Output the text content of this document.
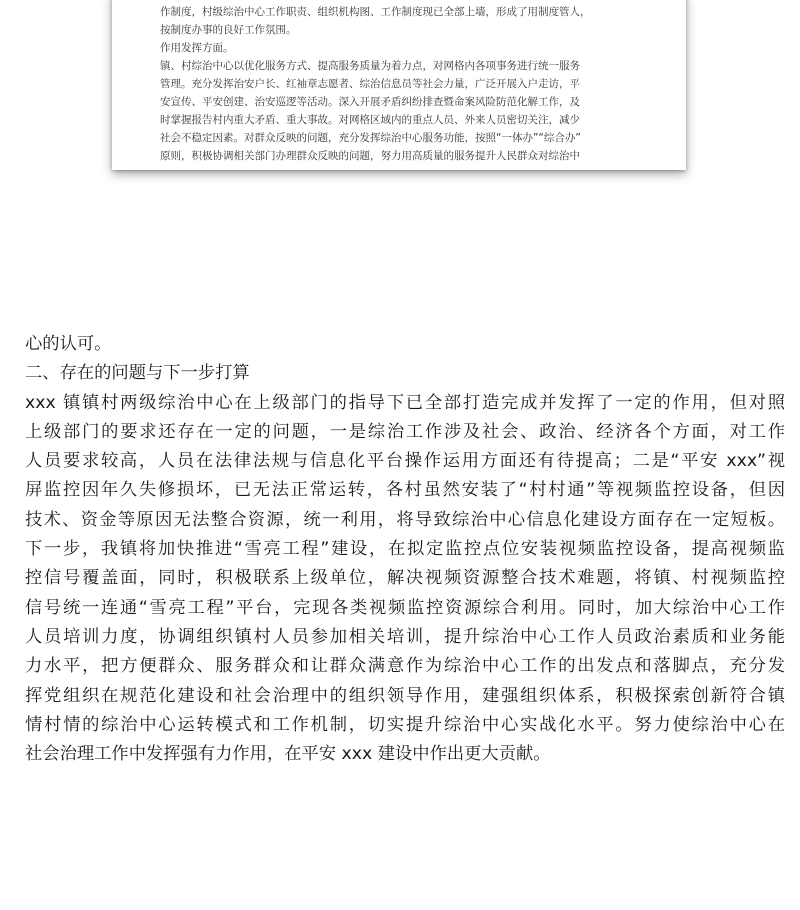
作制度，村级综治中心工作职责、组织机构图、工作制度现已全部上墙，形成了用制度管人，
按制度办事的良好工作氛围。
作用发挥方面。
镇、村综治中心以优化服务方式、提高服务质量为着力点，对网格内各项事务进行统一服务
管理。充分发挥治安户长、红袖章志愿者、综治信息员等社会力量，广泛开展入户走访，平
安宣传、平安创建、治安巡逻等活动。深入开展矛盾纠纷排查暨命案风险防范化解工作，及
时掌握报告村内重大矛盾、重大事故。对网格区域内的重点人员、外来人员密切关注，减少
社会不稳定因素。对群众反映的问题，充分发挥综治中心服务功能，按照“一体办”“综合办”
原则，积极协调相关部门办理群众反映的问题，努力用高质量的服务提升人民群众对综治中
心的认可。
二、存在的问题与下一步打算
xxx 镇镇村两级综治中心在上级部门的指导下已全部打造完成并发挥了一定的作用，但对照
上级部门的要求还存在一定的问题，一是综治工作涉及社会、政治、经济各个方面，对工作
人员要求较高，人员在法律法规与信息化平台操作运用方面还有待提高；二是“平安 xxx”视
屏监控因年久失修损坏，已无法正常运转，各村虽然安装了“村村通”等视频监控设备，但因
技术、资金等原因无法整合资源，统一利用，将导致综治中心信息化建设方面存在一定短板。
下一步，我镇将加快推进“雪亮工程”建设，在拟定监控点位安装视频监控设备，提高视频监
控信号覆盖面，同时，积极联系上级单位，解决视频资源整合技术难题，将镇、村视频监控
信号统一连通“雪亮工程”平台，完现各类视频监控资源综合利用。同时，加大综治中心工作
人员培训力度，协调组织镇村人员参加相关培训，提升综治中心工作人员政治素质和业务能
力水平，把方便群众、服务群众和让群众满意作为综治中心工作的出发点和落脚点，充分发
挥党组织在规范化建设和社会治理中的组织领导作用，建强组织体系，积极探索创新符合镇
情村情的综治中心运转模式和工作机制，切实提升综治中心实战化水平。努力使综治中心在
社会治理工作中发挥强有力作用，在平安 xxx 建设中作出更大贡献。
